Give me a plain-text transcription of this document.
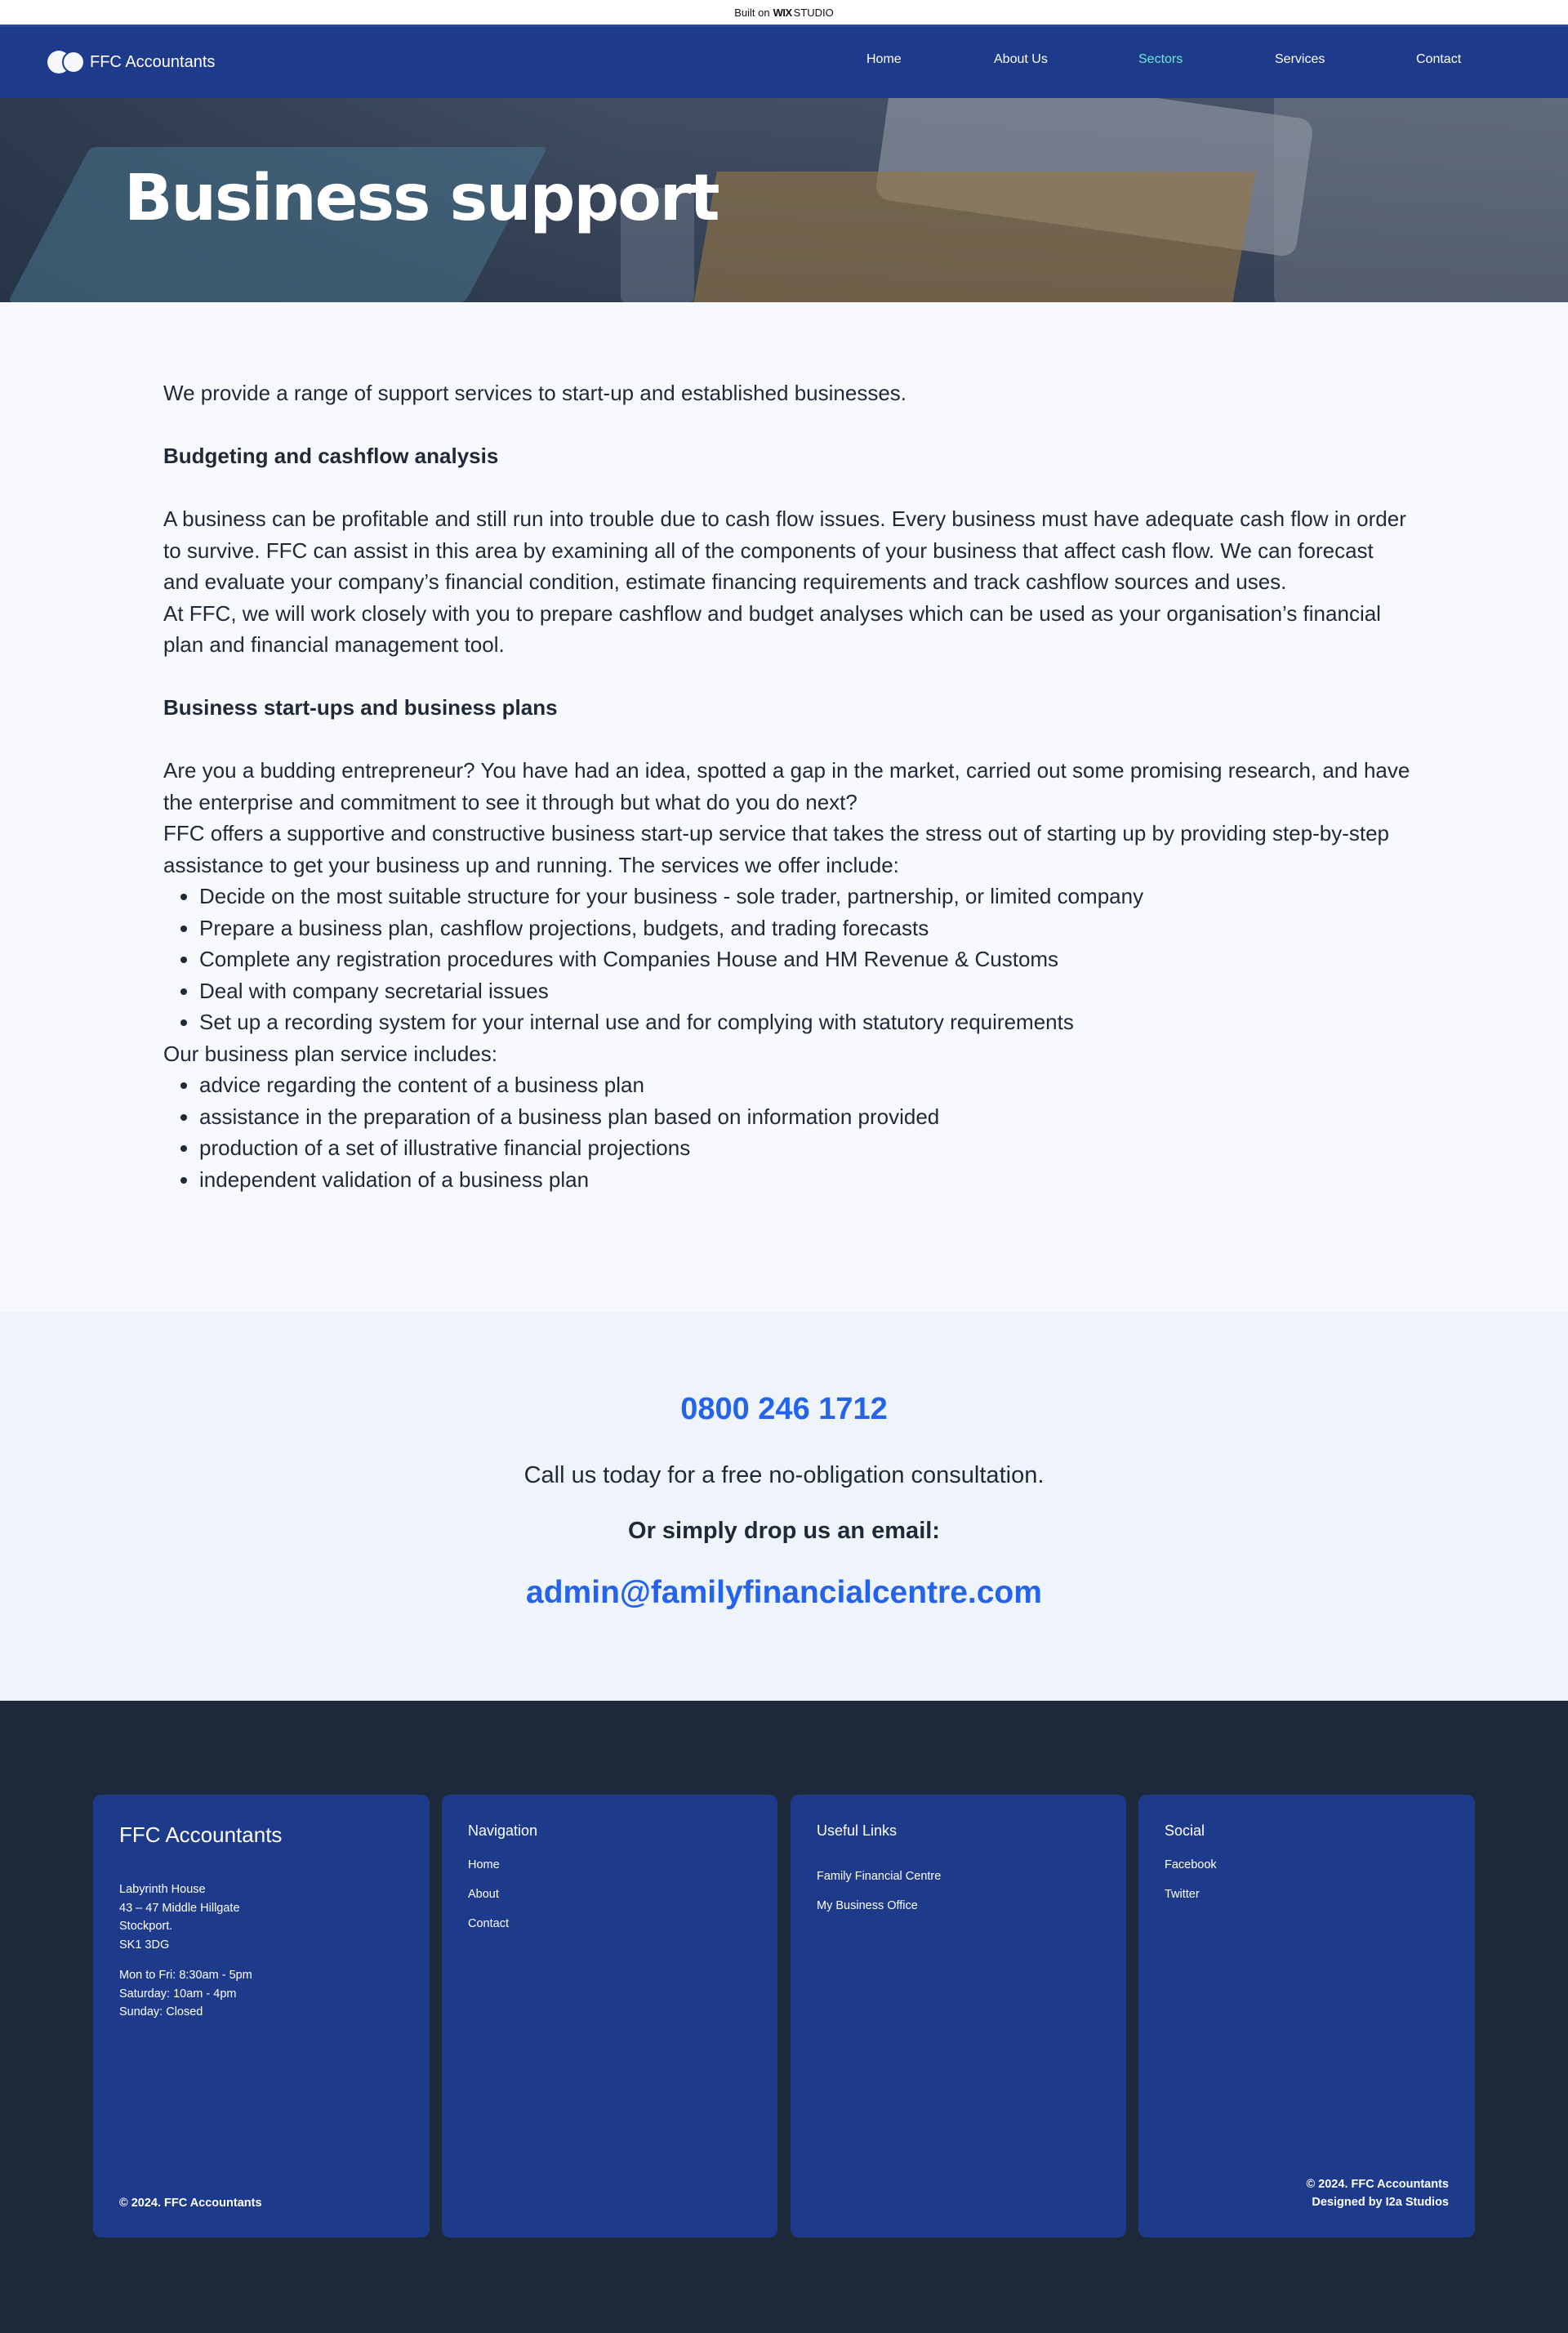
Built on WIX STUDIO
FFC Accountants	Home	About Us	Sectors	Services	Contact
Business support

We provide a range of support services to start-up and established businesses.

Budgeting and cashflow analysis

A business can be profitable and still run into trouble due to cash flow issues. Every business must have adequate cash flow in order to survive. FFC can assist in this area by examining all of the components of your business that affect cash flow. We can forecast and evaluate your company’s financial condition, estimate financing requirements and track cashflow sources and uses.

At FFC, we will work closely with you to prepare cashflow and budget analyses which can be used as your organisation’s financial plan and financial management tool.

Business start-ups and business plans

Are you a budding entrepreneur? You have had an idea, spotted a gap in the market, carried out some promising research, and have the enterprise and commitment to see it through but what do you do next?

FFC offers a supportive and constructive business start-up service that takes the stress out of starting up by providing step-by-step assistance to get your business up and running. The services we offer include:

• Decide on the most suitable structure for your business - sole trader, partnership, or limited company
• Prepare a business plan, cashflow projections, budgets, and trading forecasts
• Complete any registration procedures with Companies House and HM Revenue & Customs
• Deal with company secretarial issues
• Set up a recording system for your internal use and for complying with statutory requirements

Our business plan service includes:

• advice regarding the content of a business plan
• assistance in the preparation of a business plan based on information provided
• production of a set of illustrative financial projections
• independent validation of a business plan
0800 246 1712
Call us today for a free no-obligation consultation.
Or simply drop us an email:
admin@familyfinancialcentre.com
FFC Accountants
Labyrinth House
43 – 47 Middle Hillgate
Stockport.
SK1 3DG
Mon to Fri: 8:30am - 5pm
Saturday: 10am - 4pm
Sunday: Closed
© 2024. FFC Accountants
Navigation
Home
About
Contact
Useful Links
Family Financial Centre
My Business Office
Social
Facebook
Twitter
© 2024. FFC Accountants
Designed by I2a Studios
